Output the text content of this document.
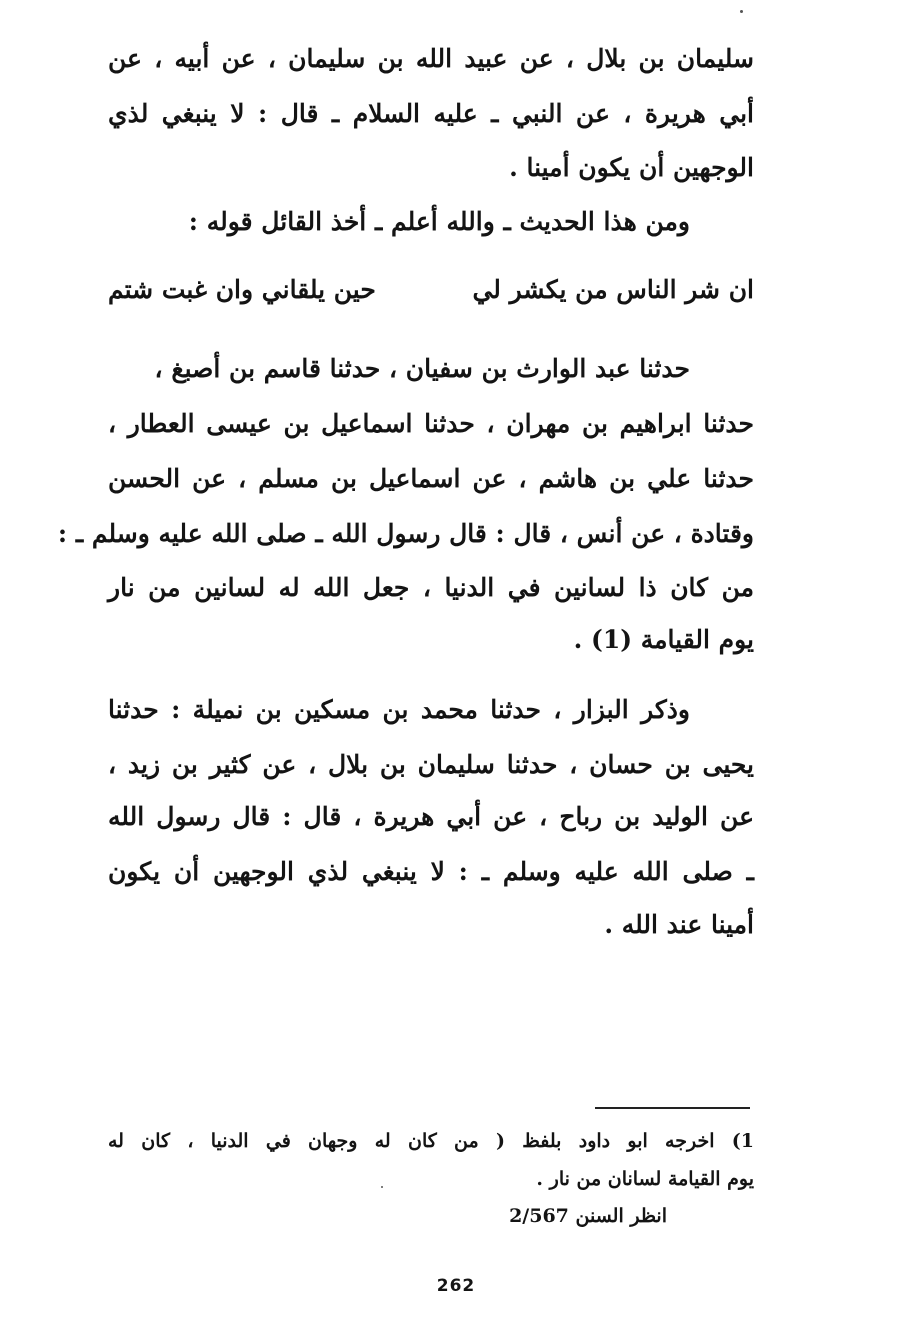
سليمان بن بلال ، عن عبيد الله بن سليمان ، عن أبيه ، عن
أبي هريرة ، عن النبي ـ عليه السلام ـ قال : لا ينبغي لذي
الوجهين أن يكون أمينا .
ومن هذا الحديث ـ والله أعلم ـ أخذ القائل قوله :
ان شر الناس من يكشر لي
حين يلقاني وان غبت شتم
حدثنا عبد الوارث بن سفيان ، حدثنا قاسم بن أصبغ ،
حدثنا ابراهيم بن مهران ، حدثنا اسماعيل بن عيسى العطار ،
حدثنا علي بن هاشم ، عن اسماعيل بن مسلم ، عن الحسن
وقتادة ، عن أنس ، قال : قال رسول الله ـ صلى الله عليه وسلم ـ :
من كان ذا لسانين في الدنيا ، جعل الله له لسانين من نار
يوم القيامة (1) .
وذكر البزار ، حدثنا محمد بن مسكين بن نميلة : حدثنا
يحيى بن حسان ، حدثنا سليمان بن بلال ، عن كثير بن زيد ،
عن الوليد بن رباح ، عن أبي هريرة ، قال : قال رسول الله
ـ صلى الله عليه وسلم ـ : لا ينبغي لذي الوجهين أن يكون
أمينا عند الله .
1) اخرجه ابو داود بلفظ ( من كان له وجهان في الدنيا ، كان له
يوم القيامة لسانان من نار .
انظر السنن 2/567
262
